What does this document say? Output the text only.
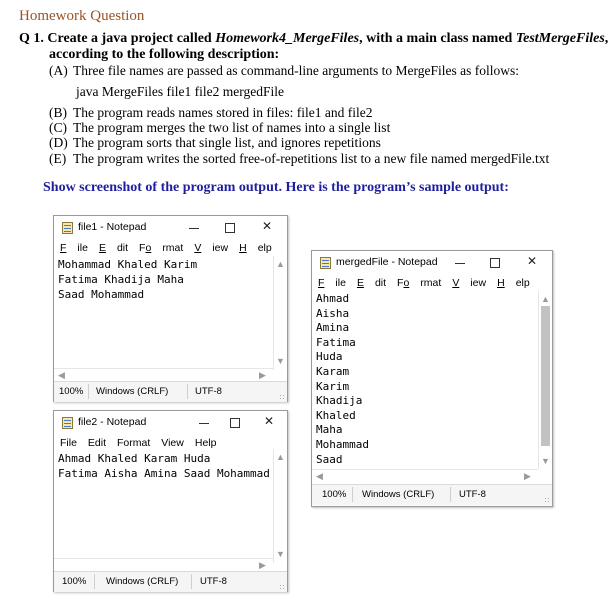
Homework Question
Q 1. Create a java project called Homework4_MergeFiles, with a main class named TestMergeFiles,
according to the following description:
(A) Three file names are passed as command-line arguments to MergeFiles as follows:
java MergeFiles file1 file2 mergedFile
(B) The program reads names stored in files: file1 and file2
(C) The program merges the two list of names into a single list
(D) The program sorts that single list, and ignores repetitions
(E) The program writes the sorted free-of-repetitions list to a new file named mergedFile.txt
Show screenshot of the program output. Here is the program’s sample output:
file1 - Notepad	✕
F ile E dit Fo rmat V iew H elp
Mohammad Khaled Karim
Fatima Khadija Maha
Saad Mohammad
▲
▼
◀	▶
100% Windows (CRLF)	UTF-8
file2 - Notepad	✕
File Edit Format View Help
Ahmad Khaled Karam Huda
Fatima Aisha Amina Saad Mohammad
▲
▼
▶
100% Windows (CRLF) UTF-8
mergedFile - Notepad	✕
F ile E dit Fo rmat V iew H elp
Ahmad
Aisha
Amina
Fatima
Huda
Karam
Karim
Khadija
Khaled
Maha
Mohammad
Saad
▲
▼
◀	▶
100% Windows (CRLF)	UTF-8
